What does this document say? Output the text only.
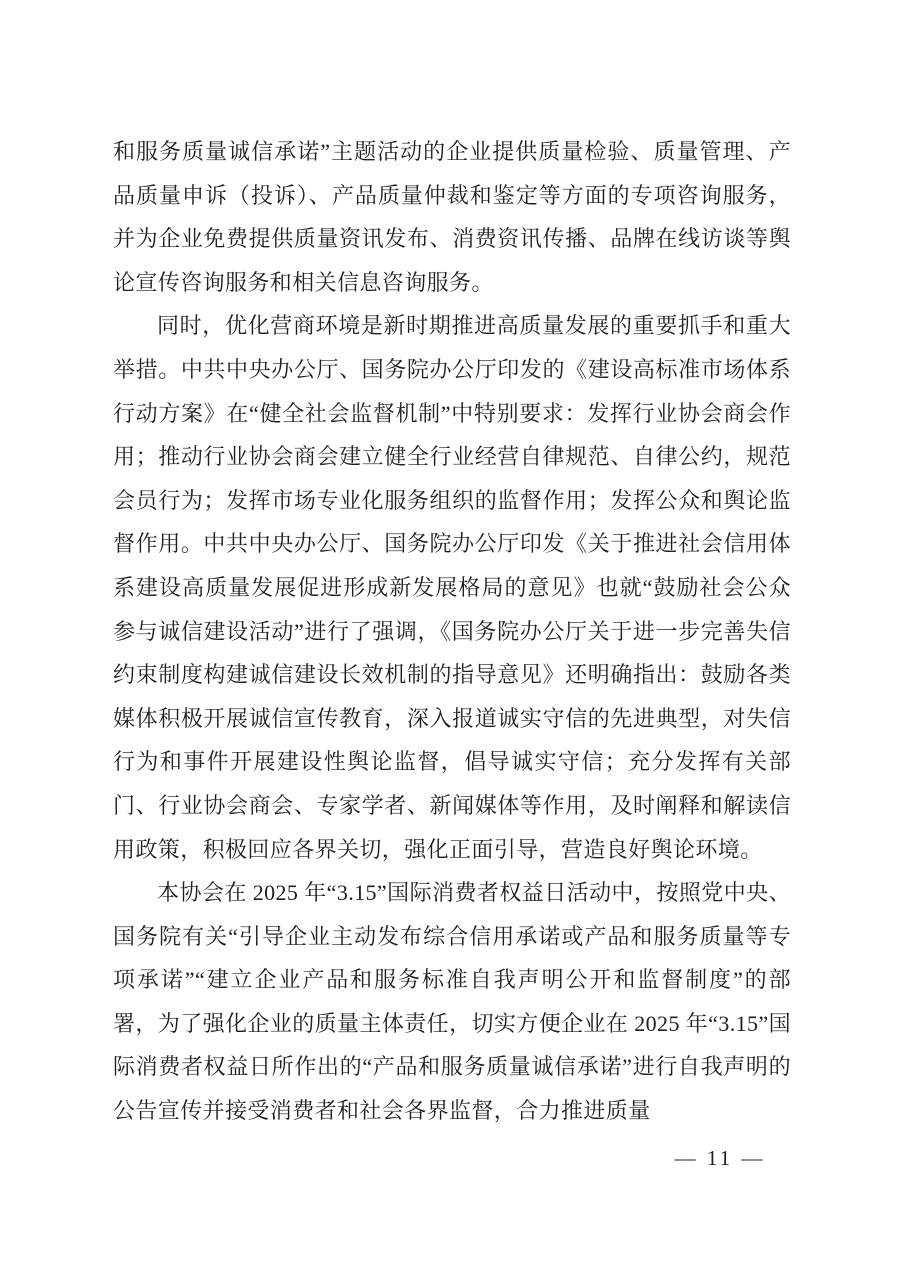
和服务质量诚信承诺”主题活动的企业提供质量检验、质量管理、产品质量申诉（投诉）、产品质量仲裁和鉴定等方面的专项咨询服务，并为企业免费提供质量资讯发布、消费资讯传播、品牌在线访谈等舆论宣传咨询服务和相关信息咨询服务。

同时，优化营商环境是新时期推进高质量发展的重要抓手和重大举措。中共中央办公厅、国务院办公厅印发的《建设高标准市场体系行动方案》在“健全社会监督机制”中特别要求：发挥行业协会商会作用；推动行业协会商会建立健全行业经营自律规范、自律公约，规范会员行为；发挥市场专业化服务组织的监督作用；发挥公众和舆论监督作用。中共中央办公厅、国务院办公厅印发《关于推进社会信用体系建设高质量发展促进形成新发展格局的意见》也就“鼓励社会公众参与诚信建设活动”进行了强调，《国务院办公厅关于进一步完善失信约束制度构建诚信建设长效机制的指导意见》还明确指出：鼓励各类媒体积极开展诚信宣传教育，深入报道诚实守信的先进典型，对失信行为和事件开展建设性舆论监督，倡导诚实守信；充分发挥有关部门、行业协会商会、专家学者、新闻媒体等作用，及时阐释和解读信用政策，积极回应各界关切，强化正面引导，营造良好舆论环境。

本协会在 2025 年“3.15”国际消费者权益日活动中，按照党中央、国务院有关“引导企业主动发布综合信用承诺或产品和服务质量等专项承诺”“建立企业产品和服务标准自我声明公开和监督制度”的部署，为了强化企业的质量主体责任，切实方便企业在 2025 年“3.15”国际消费者权益日所作出的“产品和服务质量诚信承诺”进行自我声明的公告宣传并接受消费者和社会各界监督，合力推进质量

— 11 —
